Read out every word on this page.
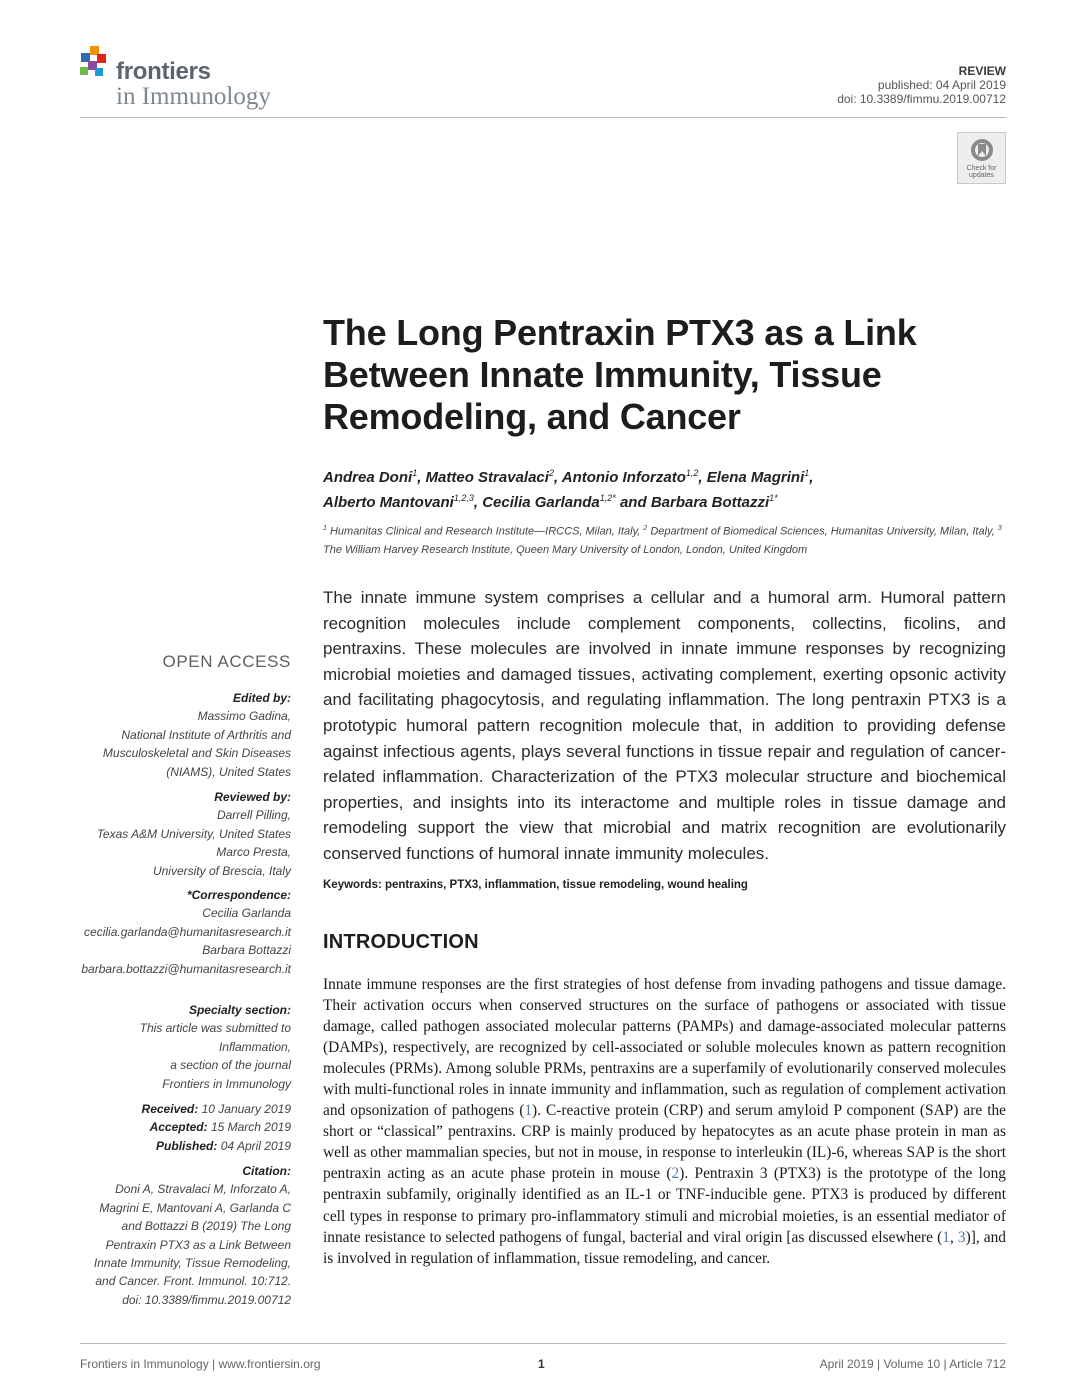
frontiers
in Immunology
REVIEW
published: 04 April 2019
doi: 10.3389/fimmu.2019.00712
Check for updates
The Long Pentraxin PTX3 as a Link Between Innate Immunity, Tissue Remodeling, and Cancer
Andrea Doni$^1$, Matteo Stravalaci$^2$, Antonio Inforzato$^{1,2}$, Elena Magrini$^1$,
Alberto Mantovani$^{1,2,3}$, Cecilia Garlanda$^{1,2*}$ and Barbara Bottazzi$^{1*}$
$^1$ Humanitas Clinical and Research Institute—IRCCS, Milan, Italy, $^2$ Department of Biomedical Sciences, Humanitas University, Milan, Italy, $^3$ The William Harvey Research Institute, Queen Mary University of London, London, United Kingdom
The innate immune system comprises a cellular and a humoral arm. Humoral pattern recognition molecules include complement components, collectins, ficolins, and pentraxins. These molecules are involved in innate immune responses by recognizing microbial moieties and damaged tissues, activating complement, exerting opsonic activity and facilitating phagocytosis, and regulating inflammation. The long pentraxin PTX3 is a prototypic humoral pattern recognition molecule that, in addition to providing defense against infectious agents, plays several functions in tissue repair and regulation of cancer-related inflammation. Characterization of the PTX3 molecular structure and biochemical properties, and insights into its interactome and multiple roles in tissue damage and remodeling support the view that microbial and matrix recognition are evolutionarily conserved functions of humoral innate immunity molecules.
Keywords: pentraxins, PTX3, inflammation, tissue remodeling, wound healing
INTRODUCTION
Innate immune responses are the first strategies of host defense from invading pathogens and tissue damage. Their activation occurs when conserved structures on the surface of pathogens or associated with tissue damage, called pathogen associated molecular patterns (PAMPs) and damage-associated molecular patterns (DAMPs), respectively, are recognized by cell-associated or soluble molecules known as pattern recognition molecules (PRMs). Among soluble PRMs, pentraxins are a superfamily of evolutionarily conserved molecules with multi-functional roles in innate immunity and inflammation, such as regulation of complement activation and opsonization of pathogens (1). C-reactive protein (CRP) and serum amyloid P component (SAP) are the short or “classical” pentraxins. CRP is mainly produced by hepatocytes as an acute phase protein in man as well as other mammalian species, but not in mouse, in response to interleukin (IL)-6, whereas SAP is the short pentraxin acting as an acute phase protein in mouse (2). Pentraxin 3 (PTX3) is the prototype of the long pentraxin subfamily, originally identified as an IL-1 or TNF-inducible gene. PTX3 is produced by different cell types in response to primary pro-inflammatory stimuli and microbial moieties, is an essential mediator of innate resistance to selected pathogens of fungal, bacterial and viral origin [as discussed elsewhere (1, 3)], and is involved in regulation of inflammation, tissue remodeling, and cancer.
OPEN ACCESS
Edited by:
Massimo Gadina,
National Institute of Arthritis and
Musculoskeletal and Skin Diseases
(NIAMS), United States
Reviewed by:
Darrell Pilling,
Texas A&M University, United States
Marco Presta,
University of Brescia, Italy
*Correspondence:
Cecilia Garlanda
cecilia.garlanda@humanitasresearch.it
Barbara Bottazzi
barbara.bottazzi@humanitasresearch.it
Specialty section:
This article was submitted to
Inflammation,
a section of the journal
Frontiers in Immunology
Received: 10 January 2019
Accepted: 15 March 2019
Published: 04 April 2019
Citation:
Doni A, Stravalaci M, Inforzato A,
Magrini E, Mantovani A, Garlanda C
and Bottazzi B (2019) The Long
Pentraxin PTX3 as a Link Between
Innate Immunity, Tissue Remodeling,
and Cancer. Front. Immunol. 10:712.
doi: 10.3389/fimmu.2019.00712
Frontiers in Immunology | www.frontiersin.org	1	April 2019 | Volume 10 | Article 712
